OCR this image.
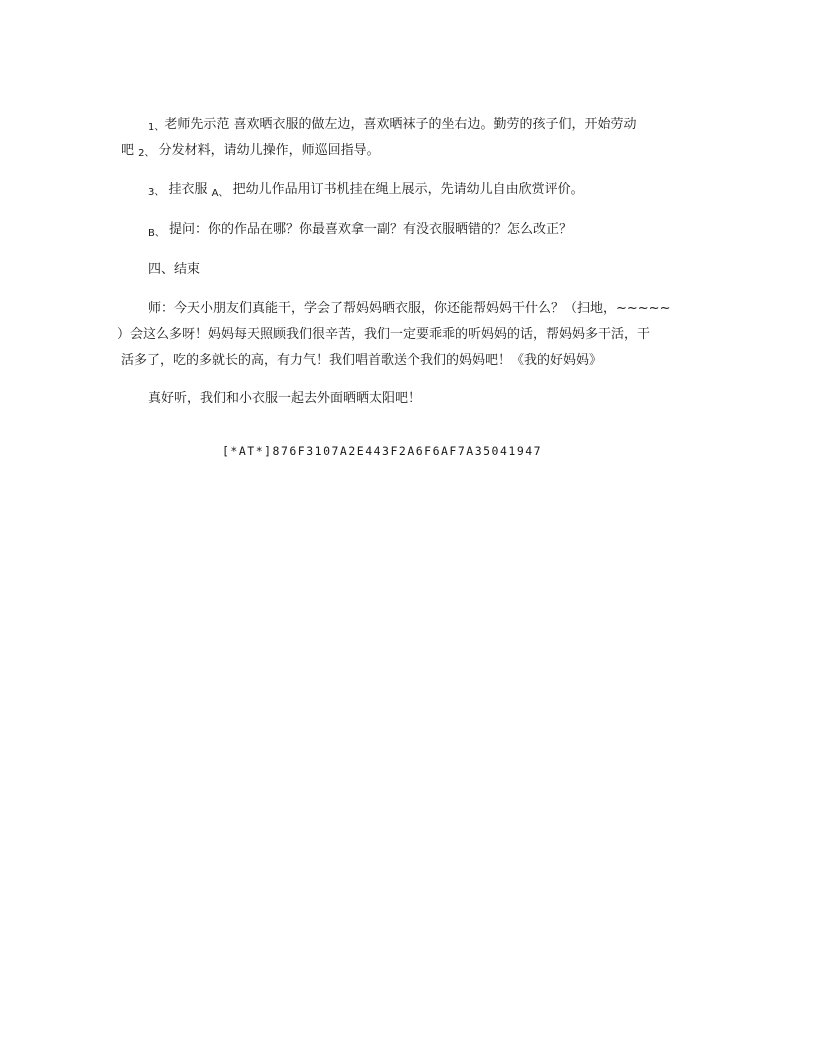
1、老师先示范 喜欢晒衣服的做左边，喜欢晒袜子的坐右边。勤劳的孩子们，开始劳动
吧 2、 分发材料，请幼儿操作，师巡回指导。
3、 挂衣服 $_{A、}$ 把幼儿作品用订书机挂在绳上展示，先请幼儿自由欣赏评价。
$_{B、}$ 提问：你的作品在哪？你最喜欢拿一副？有没衣服晒错的？怎么改正？
四、结束
师：今天小朋友们真能干，学会了帮妈妈晒衣服，你还能帮妈妈干什么？（扫地，~~~~~
）会这么多呀！妈妈每天照顾我们很辛苦，我们一定要乖乖的听妈妈的话，帮妈妈多干活，干
活多了，吃的多就长的高，有力气！我们唱首歌送个我们的妈妈吧！《我的好妈妈》
真好听，我们和小衣服一起去外面晒晒太阳吧！
[*AT*]876F3107A2E443F2A6F6AF7A35041947
